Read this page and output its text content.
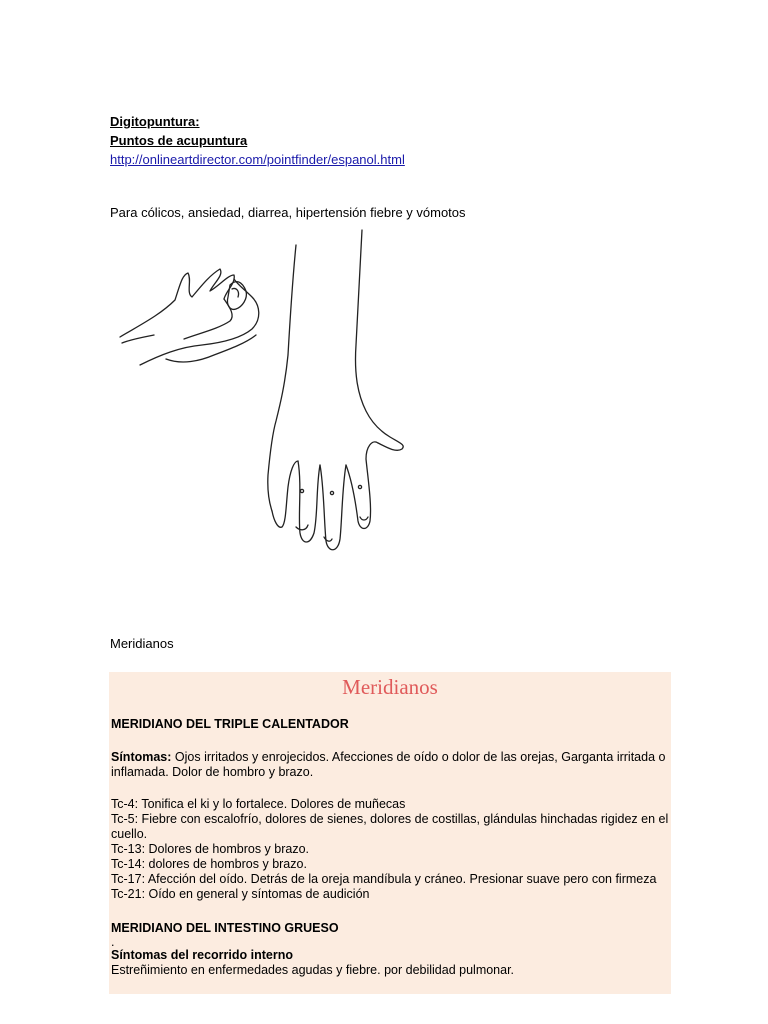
Digitopuntura:
Puntos de acupuntura
http://onlineartdirector.com/pointfinder/espanol.html
Para cólicos, ansiedad, diarrea, hipertensión fiebre y vómotos
Meridianos
Meridianos
MERIDIANO DEL TRIPLE CALENTADOR
Síntomas: Ojos irritados y enrojecidos. Afecciones de oído o dolor de las orejas, Garganta irritada o inflamada. Dolor de hombro y brazo.
Tc-4: Tonifica el ki y lo fortalece. Dolores de muñecas
Tc-5: Fiebre con escalofrío, dolores de sienes, dolores de costillas, glándulas hinchadas rigidez en el cuello.
Tc-13: Dolores de hombros y brazo.
Tc-14: dolores de hombros y brazo.
Tc-17: Afección del oído. Detrás de la oreja mandíbula y cráneo. Presionar suave pero con firmeza
Tc-21: Oído en general y síntomas de audición
MERIDIANO DEL INTESTINO GRUESO
.
Síntomas del recorrido interno
Estreñimiento en enfermedades agudas y fiebre. por debilidad pulmonar.
